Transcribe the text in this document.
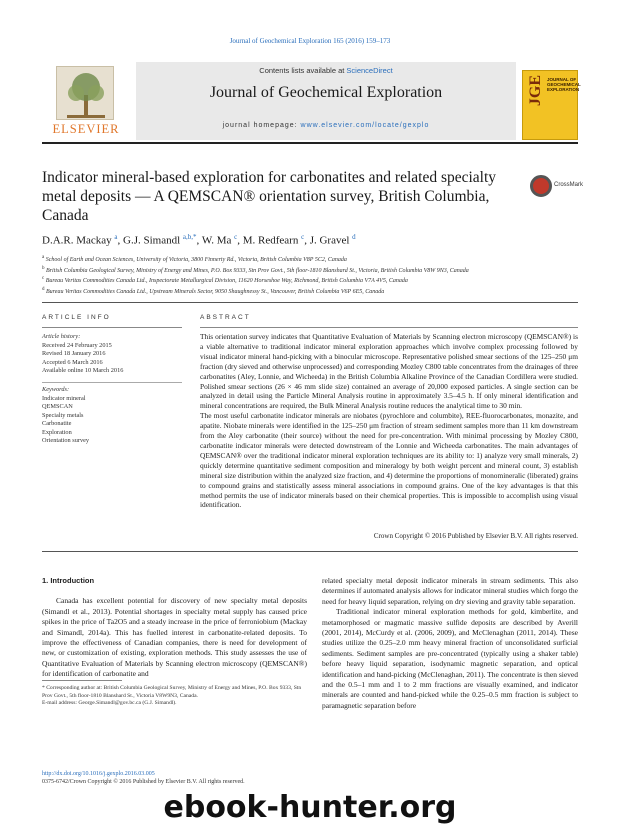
Journal of Geochemical Exploration 165 (2016) 159–173
ELSEVIER
Contents lists available at ScienceDirect
Journal of Geochemical Exploration
journal homepage: www.elsevier.com/locate/gexplo
JGE JOURNAL OF GEOCHEMICAL EXPLORATION
Indicator mineral-based exploration for carbonatites and related specialty metal deposits — A QEMSCAN® orientation survey, British Columbia, Canada
CrossMark
D.A.R. Mackay $^a$, G.J. Simandl $^{a,b,*}$, W. Ma $^c$, M. Redfearn $^c$, J. Gravel $^d$
$^a$ School of Earth and Ocean Sciences, University of Victoria, 3800 Finnerty Rd., Victoria, British Columbia V8P 5C2, Canada
$^b$ British Columbia Geological Survey, Ministry of Energy and Mines, P.O. Box 9333, Stn Prov Govt., 5th floor-1810 Blanshard St., Victoria, British Columbia V8W 9N3, Canada
$^c$ Bureau Veritas Commodities Canada Ltd., Inspectorate Metallurgical Division, 11620 Horseshoe Way, Richmond, British Columbia V7A 4V5, Canada
$^d$ Bureau Veritas Commodities Canada Ltd., Upstream Minerals Sector, 9050 Shaughnessy St., Vancouver, British Columbia V6P 6E5, Canada
ARTICLE INFO	ABSTRACT
Article history:
Received 24 February 2015
Revised 18 January 2016
Accepted 6 March 2016
Available online 10 March 2016
Keywords:
Indicator mineral
QEMSCAN
Specialty metals
Carbonatite
Exploration
Orientation survey

This orientation survey indicates that Quantitative Evaluation of Materials by Scanning electron microscopy (QEMSCAN®) is a viable alternative to traditional indicator mineral exploration approaches which involve complex processing followed by visual indicator mineral hand-picking with a binocular microscope. Representative polished smear sections of the 125–250 μm fraction (dry sieved and otherwise unprocessed) and corresponding Mozley C800 table concentrates from the drainages of three carbonatites (Aley, Lonnie, and Wicheeda) in the British Columbia Alkaline Province of the Canadian Cordillera were studied. Polished smear sections (26 × 46 mm slide size) contained an average of 20,000 exposed particles. A single section can be analyzed in detail using the Particle Mineral Analysis routine in approximately 3.5–4.5 h. If only mineral identification and mineral concentrations are required, the Bulk Mineral Analysis routine reduces the analytical time to 30 min.

The most useful carbonatite indicator minerals are niobates (pyrochlore and columbite), REE-fluorocarbonates, monazite, and apatite. Niobate minerals were identified in the 125–250 μm fraction of stream sediment samples more than 11 km downstream from the Aley carbonatite (their source) without the need for pre-concentration. With minimal processing by Mozley C800, carbonatite indicator minerals were detected downstream of the Lonnie and Wicheeda carbonatites. The main advantages of QEMSCAN® over the traditional indicator mineral exploration techniques are its ability to: 1) analyze very small minerals, 2) quickly determine quantitative sediment composition and mineralogy by both weight percent and mineral count, 3) establish mineral size distribution within the analyzed size fraction, and 4) determine the proportions of monomineralic (liberated) grains to compound grains and statistically assess mineral associations in compound grains. One of the key advantages is that this method permits the use of indicator minerals based on their chemical properties. This is impossible to accomplish using visual identification.

Crown Copyright © 2016 Published by Elsevier B.V. All rights reserved.
1. Introduction

Canada has excellent potential for discovery of new specialty metal deposits (Simandl et al., 2013). Potential shortages in specialty metal supply has caused price spikes in the price of Ta2O5 and a steady increase in the price of ferroniobium (Mackay and Simandl, 2014a). This has fuelled interest in carbonatite-related deposits. To improve the effectiveness of Canadian companies, there is need for development of new, or customization of existing, exploration methods. This study assesses the use of Quantitative Evaluation of Materials by Scanning electron microscopy (QEMSCAN®) for identification of carbonatite and

related specialty metal deposit indicator minerals in stream sediments. This also determines if automated analysis allows for indicator mineral studies which forgo the need for heavy liquid separation, relying on dry sieving and gravity table separation.

Traditional indicator mineral exploration methods for gold, kimberlite, and metamorphosed or magmatic massive sulfide deposits are described by Averill (2001, 2014), McCurdy et al. (2006, 2009), and McClenaghan (2011, 2014). These studies utilize the 0.25–2.0 mm heavy mineral fraction of unconsolidated surficial sediments. Sediment samples are pre-concentrated (typically using a shaker table) before heavy liquid separation, isodynamic magnetic separation, and optical identification and hand-picking (McClenaghan, 2011). The concentrate is then sieved and the 0.5–1 mm and 1 to 2 mm fractions are visually examined, and indicator minerals are counted and hand-picked while the 0.25–0.5 mm fraction is subject to paramagnetic separation before

* Corresponding author at: British Columbia Geological Survey, Ministry of Energy and Mines, P.O. Box 9333, Stn Prov Govt., 5th floor-1810 Blanshard St., Victoria V8W9N3, Canada.
E-mail address: George.Simandl@gov.bc.ca (G.J. Simandl).
http://dx.doi.org/10.1016/j.gexplo.2016.03.005
0375-6742/Crown Copyright © 2016 Published by Elsevier B.V. All rights reserved.
ebook-hunter.org
